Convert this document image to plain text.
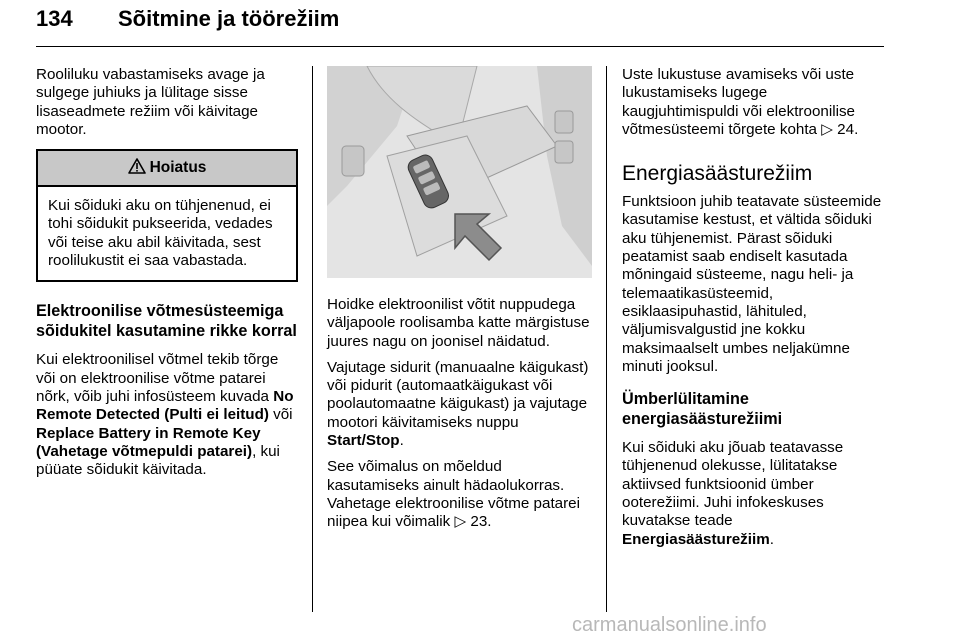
134 Sõitmine ja töörežiim

Rooliluku vabastamiseks avage ja sulgege juhiuks ja lülitage sisse lisaseadmete režiim või käivitage mootor.

Hoiatus
Kui sõiduki aku on tühjenenud, ei tohi sõidukit pukseerida, vedades või teise aku abil käivitada, sest roolilukustit ei saa vabastada.
Elektroonilise võtmesüsteemiga sõidukitel kasutamine rikke korral

Kui elektroonilisel võtmel tekib tõrge või on elektroonilise võtme patarei nõrk, võib juhi infosüsteem kuvada No Remote Detected (Pulti ei leitud) või Replace Battery in Remote Key (Vahetage võtmepuldi patarei), kui püüate sõidukit käivitada.

Hoidke elektroonilist võtit nuppudega väljapoole roolisamba katte märgistuse juures nagu on joonisel näidatud.

Vajutage sidurit (manuaalne käigukast) või pidurit (automaatkäigukast või poolautomaatne käigukast) ja vajutage mootori käivitamiseks nuppu Start/Stop.

See võimalus on mõeldud kasutamiseks ainult hädaolukorras. Vahetage elektroonilise võtme patarei niipea kui võimalik ▷ 23.

Uste lukustuse avamiseks või uste lukustamiseks lugege kaugjuhtimispuldi või elektroonilise võtmesüsteemi tõrgete kohta ▷ 24.

Energiasäästurežiim

Funktsioon juhib teatavate süsteemide kasutamise kestust, et vältida sõiduki aku tühjenemist. Pärast sõiduki peatamist saab endiselt kasutada mõningaid süsteeme, nagu heli- ja telemaatikasüsteemid, esiklaasipuhastid, lähituled, väljumisvalgustid jne kokku maksimaalselt umbes neljakümne minuti jooksul.

Ümberlülitamine energiasäästurežiimi

Kui sõiduki aku jõuab teatavasse tühjenenud olekusse, lülitatakse aktiivsed funktsioonid ümber ooterežiimi. Juhi infokeskuses kuvatakse teade Energiasäästurežiim.

carmanualsonline.info
